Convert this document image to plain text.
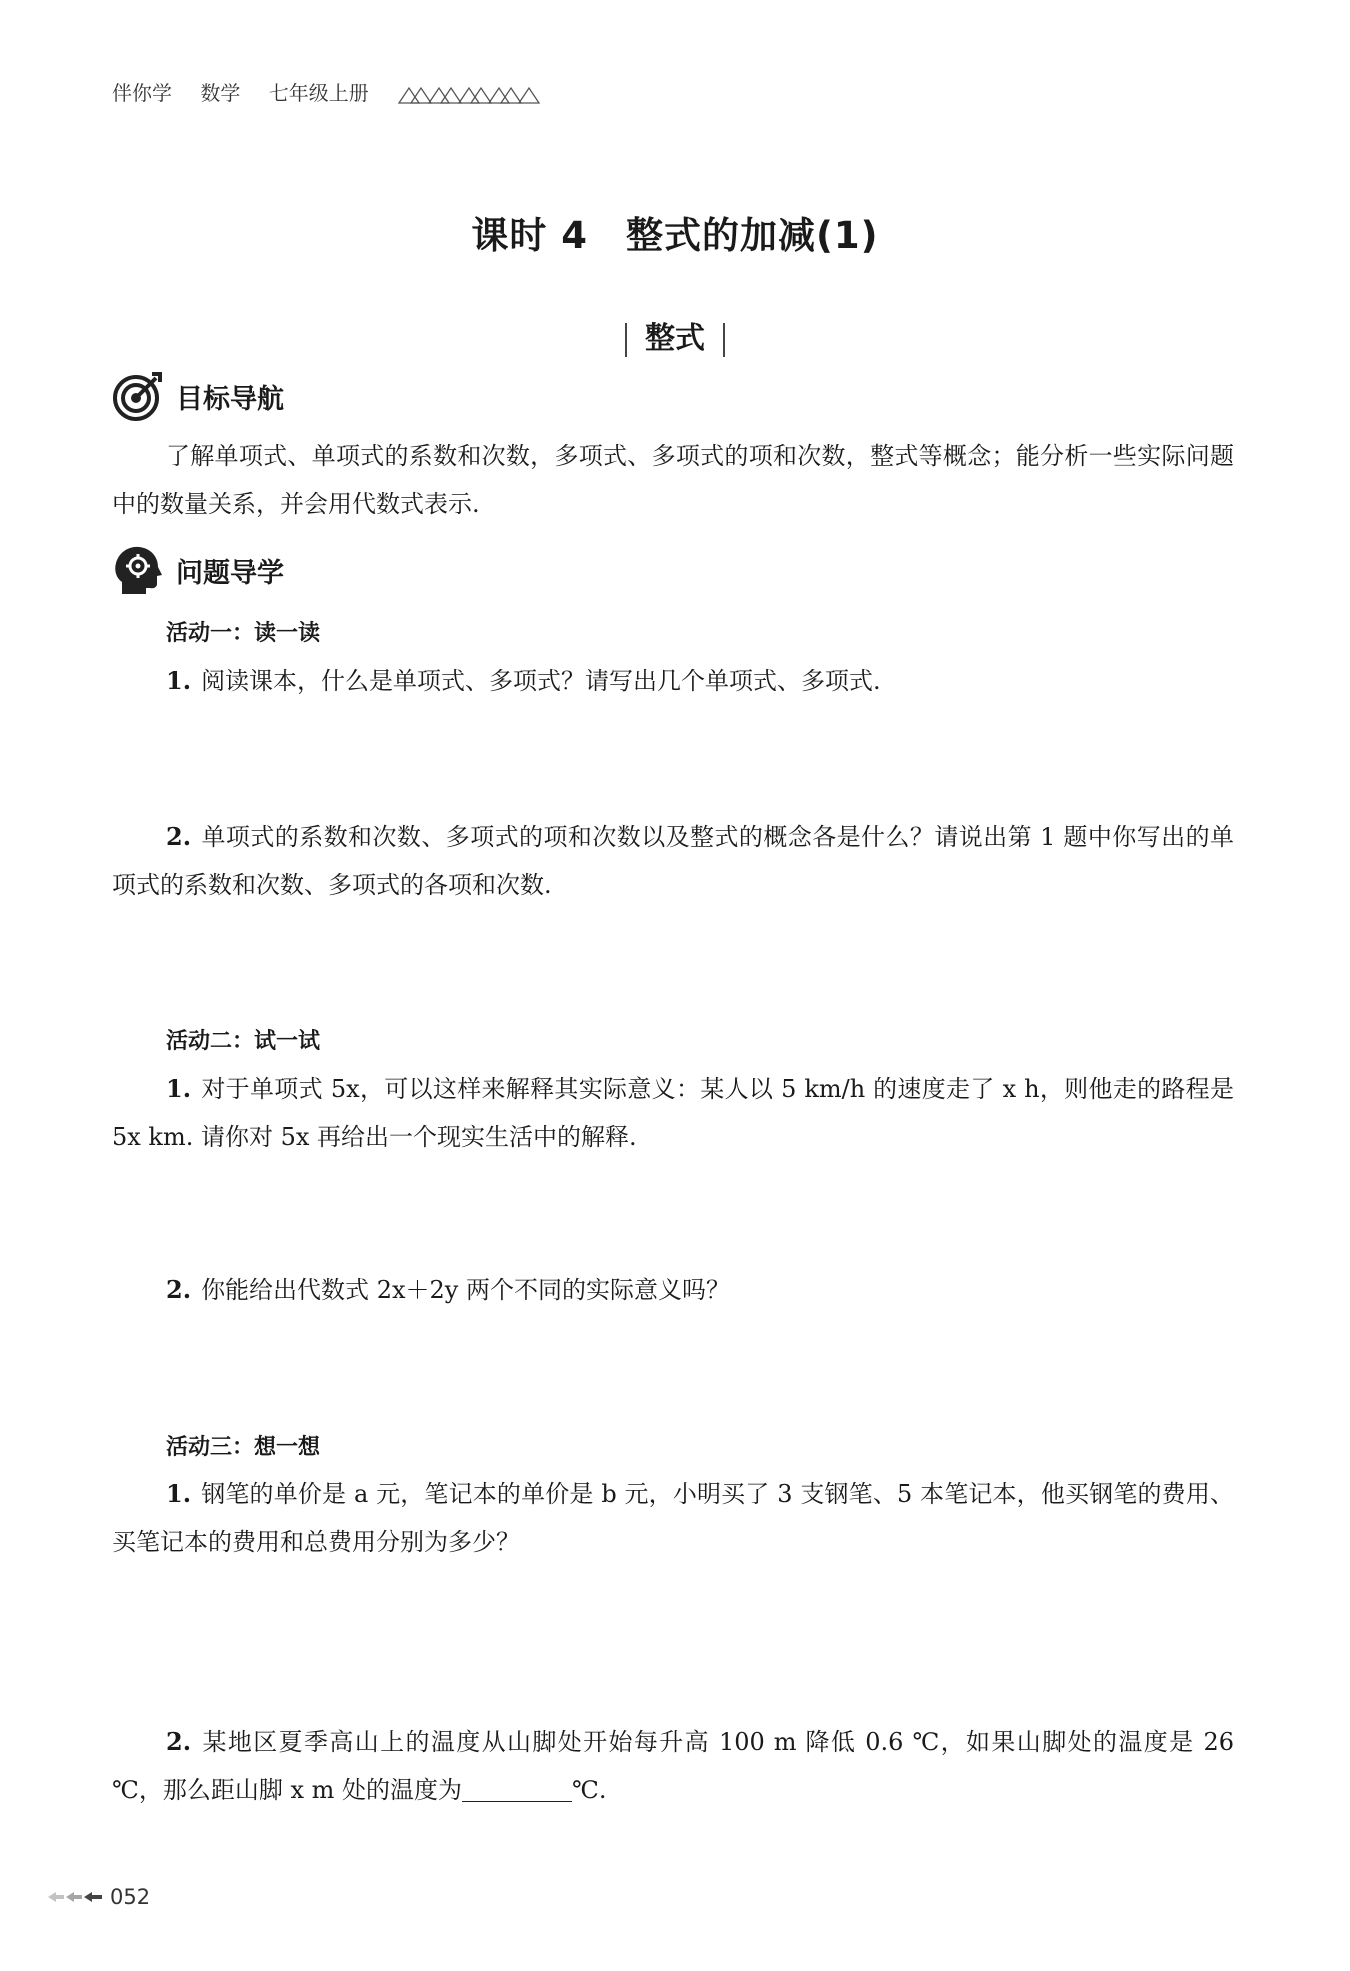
伴你学 数学 七年级上册
课时 4　整式的加减(1)
整式
目标导航
了解单项式、单项式的系数和次数，多项式、多项式的项和次数，整式等概念；能分析一些实际问题中的数量关系，并会用代数式表示.
问题导学
活动一：读一读
1. 阅读课本，什么是单项式、多项式？请写出几个单项式、多项式.
2. 单项式的系数和次数、多项式的项和次数以及整式的概念各是什么？请说出第 1 题中你写出的单项式的系数和次数、多项式的各项和次数.
活动二：试一试
1. 对于单项式 5x，可以这样来解释其实际意义：某人以 5 km/h 的速度走了 x h，则他走的路程是5x km. 请你对 5x 再给出一个现实生活中的解释.
2. 你能给出代数式 2x＋2y 两个不同的实际意义吗？
活动三：想一想
1. 钢笔的单价是 a 元，笔记本的单价是 b 元，小明买了 3 支钢笔、5 本笔记本，他买钢笔的费用、买笔记本的费用和总费用分别为多少？
2. 某地区夏季高山上的温度从山脚处开始每升高 100 m 降低 0.6 ℃，如果山脚处的温度是 26 ℃，那么距山脚 x m 处的温度为	℃.
052
